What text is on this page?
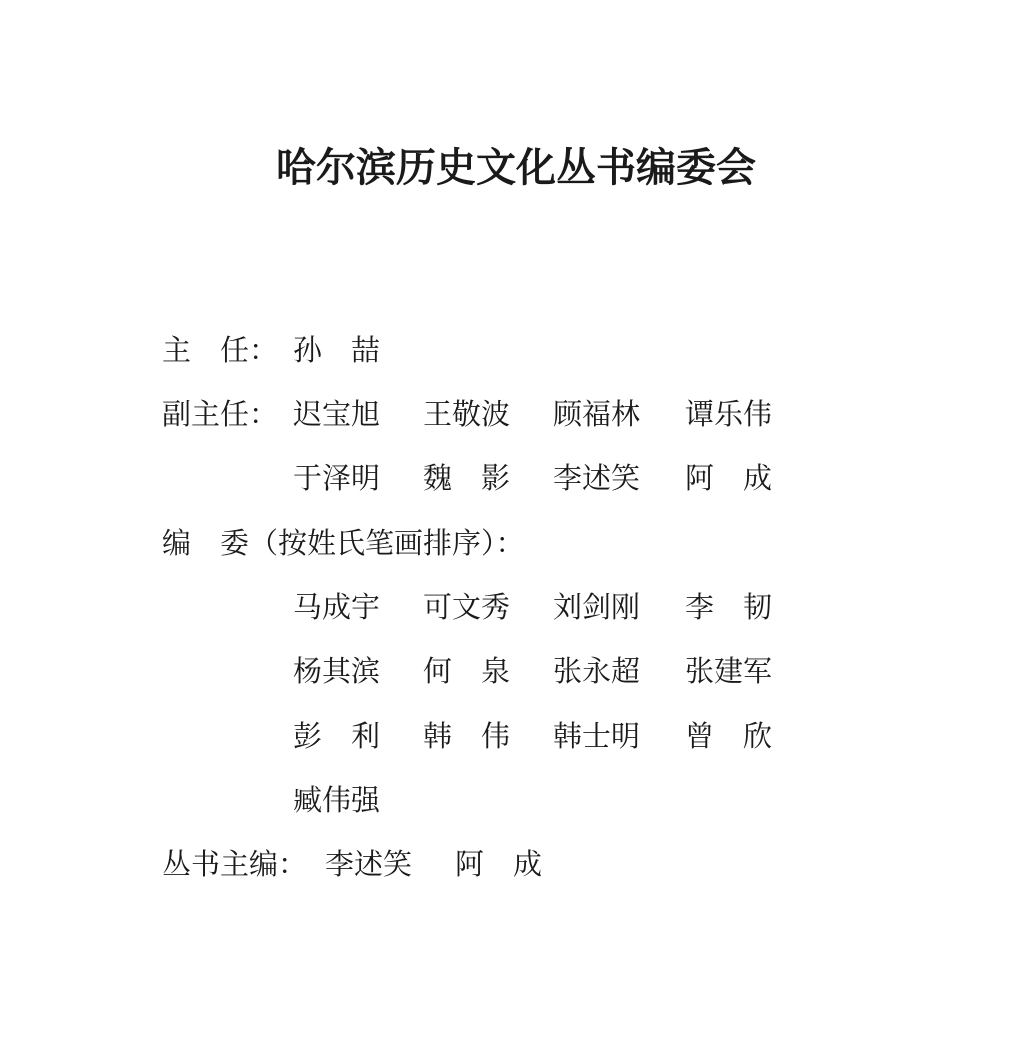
哈尔滨历史文化丛书编委会
主　任： 孙　喆
副主任： 迟宝旭 王敬波 顾福林 谭乐伟
于泽明 魏　影 李述笑 阿　成
编　委（按姓氏笔画排序）：
马成宇 可文秀 刘剑刚 李　韧
杨其滨 何　泉 张永超 张建军
彭　利 韩　伟 韩士明 曾　欣
臧伟强
丛书主编： 李述笑 阿　成
